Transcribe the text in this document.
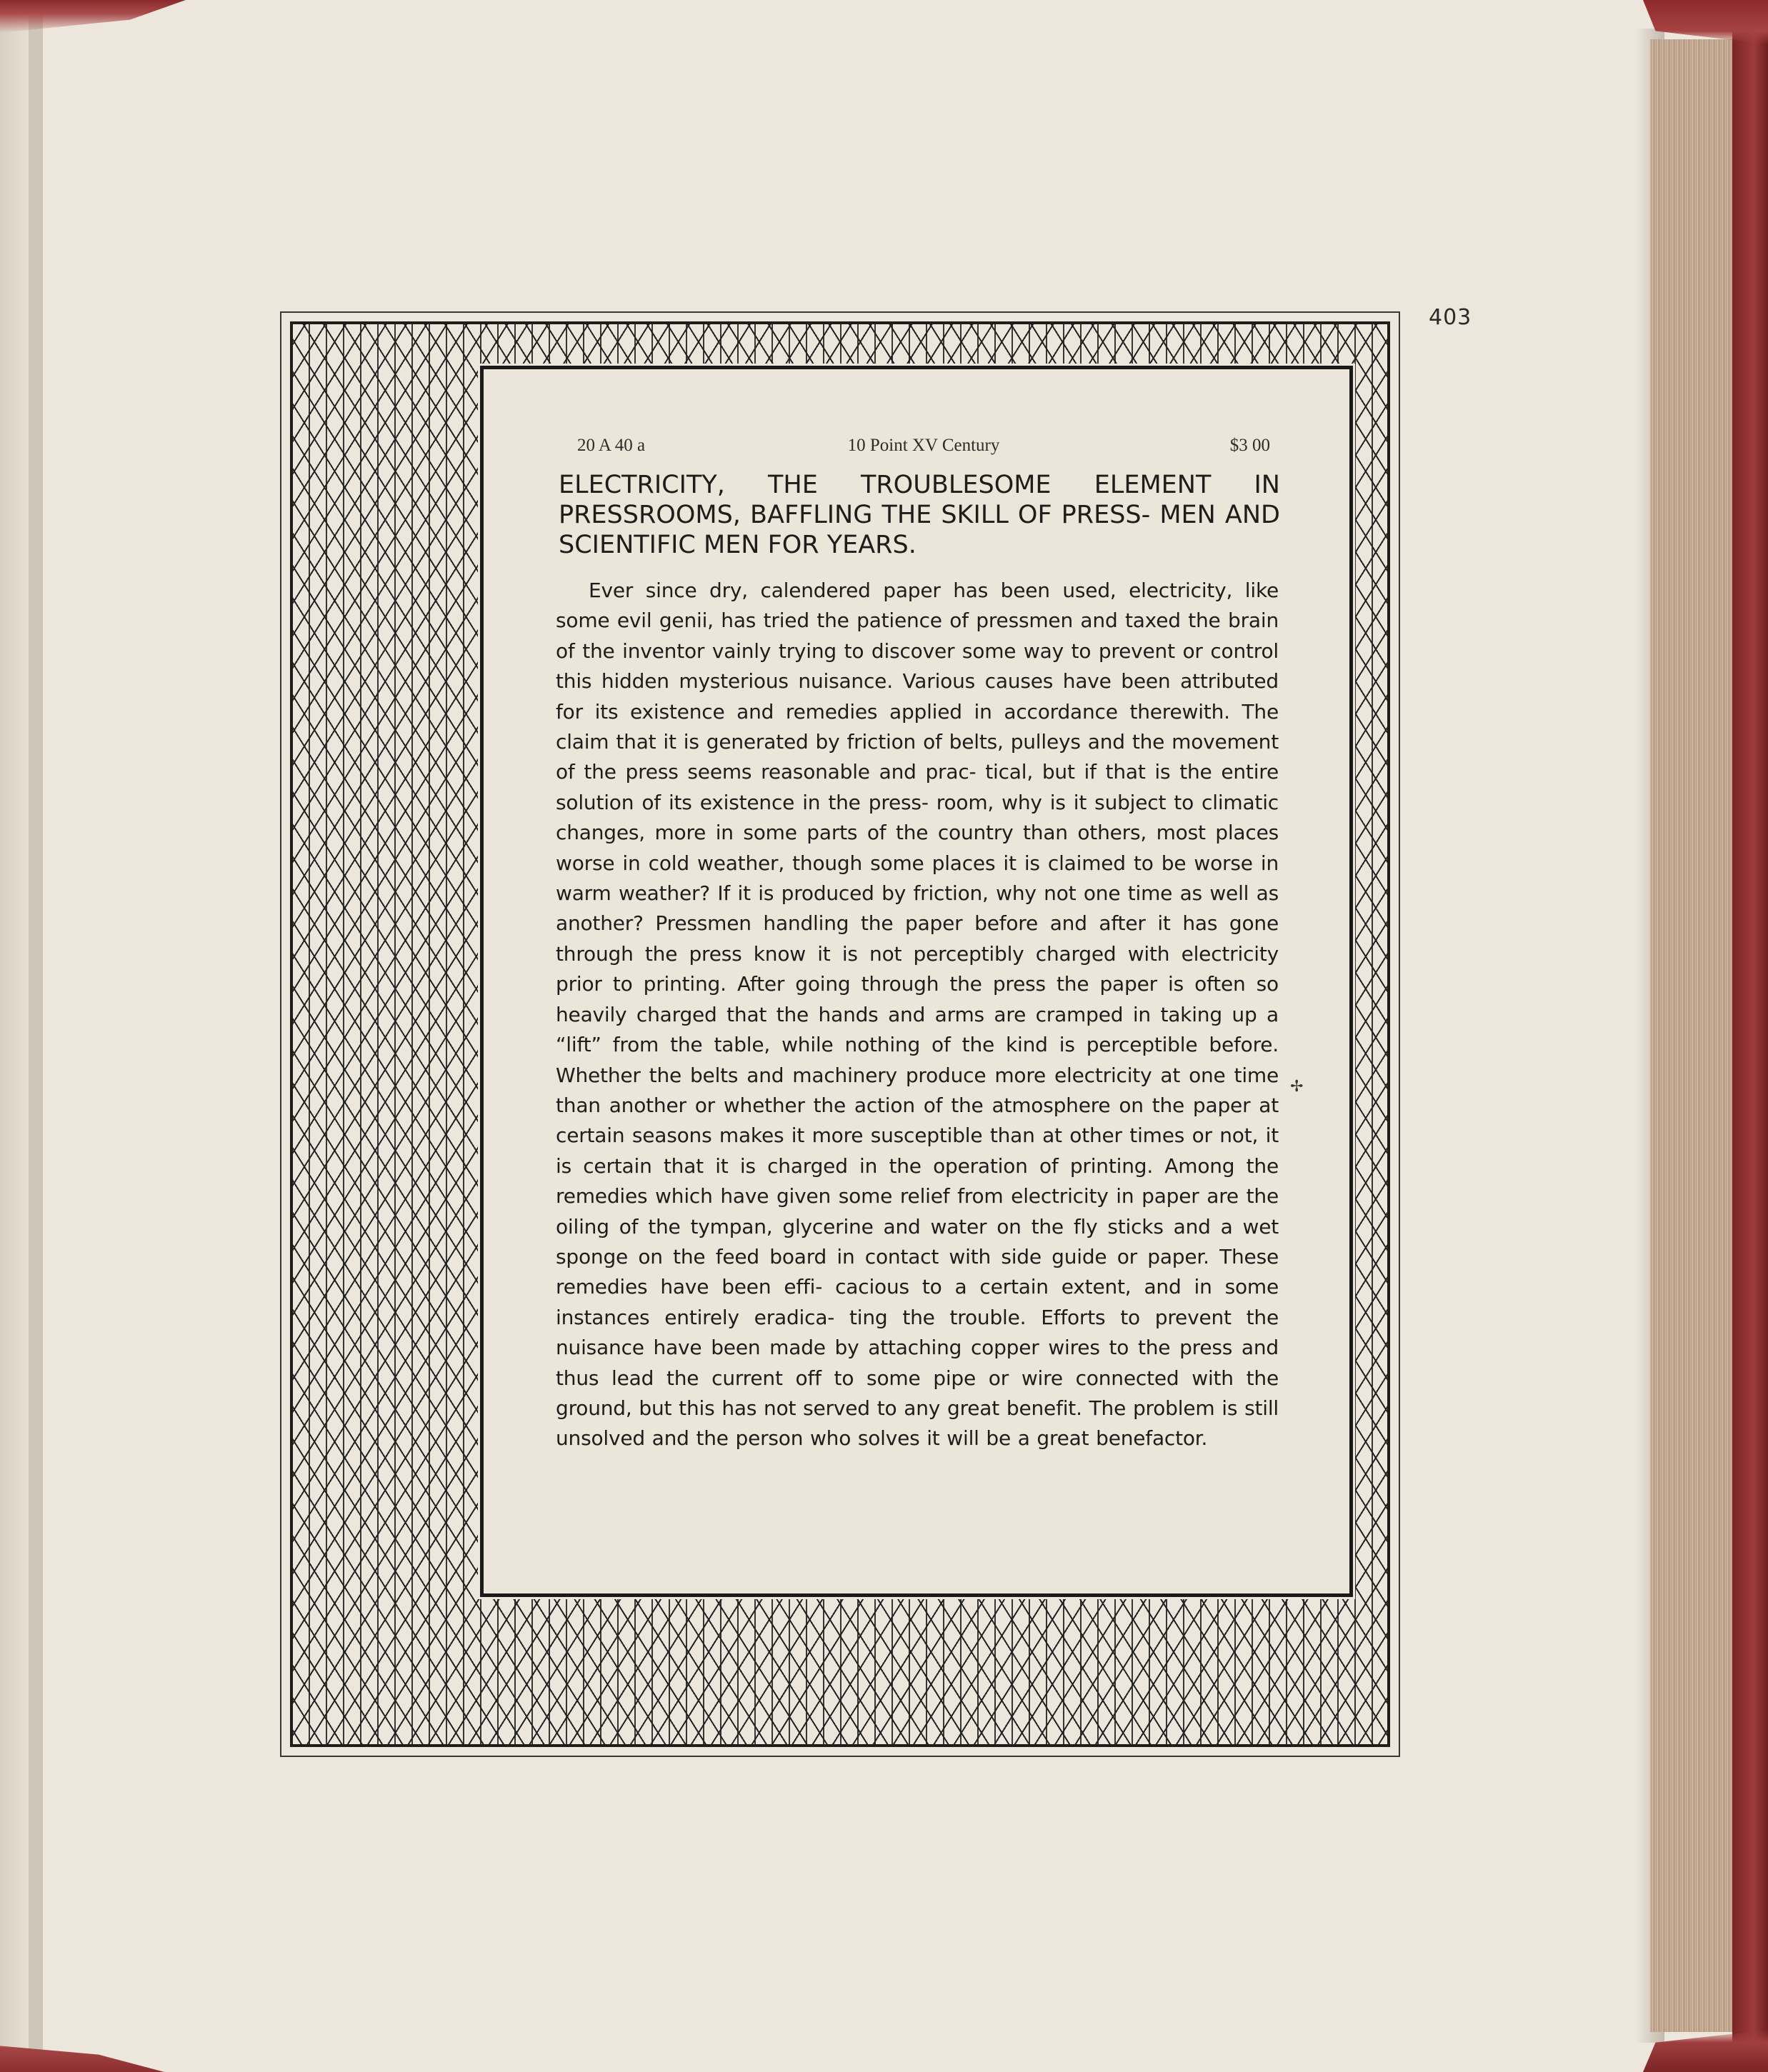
403
20 A 40 a	10 Point XV Century	$3 00
ELECTRICITY, THE TROUBLESOME ELEMENT IN PRESSROOMS, BAFFLING THE SKILL OF PRESS- MEN AND SCIENTIFIC MEN FOR YEARS.

Ever since dry, calendered paper has been used, electricity, like some evil genii, has tried the patience of pressmen and taxed the brain of the inventor vainly trying to discover some way to prevent or control this hidden mysterious nuisance. Various causes have been attributed for its existence and remedies applied in accordance therewith. The claim that it is generated by friction of belts, pulleys and the movement of the press seems reasonable and prac- tical, but if that is the entire solution of its existence in the press- room, why is it subject to climatic changes, more in some parts of the country than others, most places worse in cold weather, though some places it is claimed to be worse in warm weather? If it is produced by friction, why not one time as well as another? Pressmen handling the paper before and after it has gone through the press know it is not perceptibly charged with electricity prior to printing. After going through the press the paper is often so heavily charged that the hands and arms are cramped in taking up a “lift” from the table, while nothing of the kind is perceptible before. Whether the belts and machinery produce more electricity at one time than another or whether the action of the atmosphere on the paper at certain seasons makes it more susceptible than at other times or not, it is certain that it is charged in the operation of printing. Among the remedies which have given some relief from electricity in paper are the oiling of the tympan, glycerine and water on the fly sticks and a wet sponge on the feed board in contact with side guide or paper. These remedies have been effi- cacious to a certain extent, and in some instances entirely eradica- ting the trouble. Efforts to prevent the nuisance have been made by attaching copper wires to the press and thus lead the current off to some pipe or wire connected with the ground, but this has not served to any great benefit. The problem is still unsolved and the person who solves it will be a great benefactor.

✢
